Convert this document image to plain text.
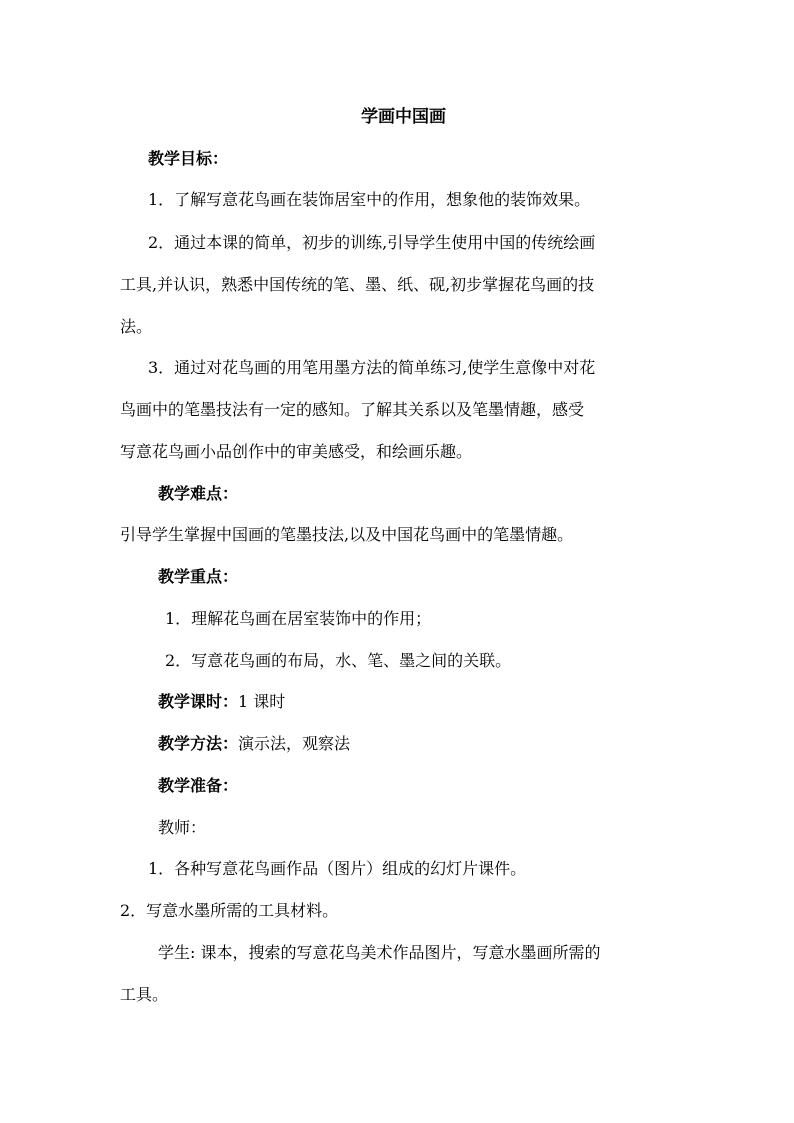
学画中国画

教学目标：

1．了解写意花鸟画在装饰居室中的作用，想象他的装饰效果。

2．通过本课的简单，初步的训练,引导学生使用中国的传统绘画

工具,并认识，熟悉中国传统的笔、墨、纸、砚,初步掌握花鸟画的技

法。

3．通过对花鸟画的用笔用墨方法的简单练习,使学生意像中对花

鸟画中的笔墨技法有一定的感知。了解其关系以及笔墨情趣，感受

写意花鸟画小品创作中的审美感受，和绘画乐趣。

教学难点：

引导学生掌握中国画的笔墨技法,以及中国花鸟画中的笔墨情趣。

教学重点：

1．理解花鸟画在居室装饰中的作用；

2．写意花鸟画的布局，水、笔、墨之间的关联。

教学课时：1 课时

教学方法：演示法，观察法

教学准备：

教师：

1．各种写意花鸟画作品（图片）组成的幻灯片课件。

2．写意水墨所需的工具材料。

学生: 课本，搜索的写意花鸟美术作品图片，写意水墨画所需的

工具。
